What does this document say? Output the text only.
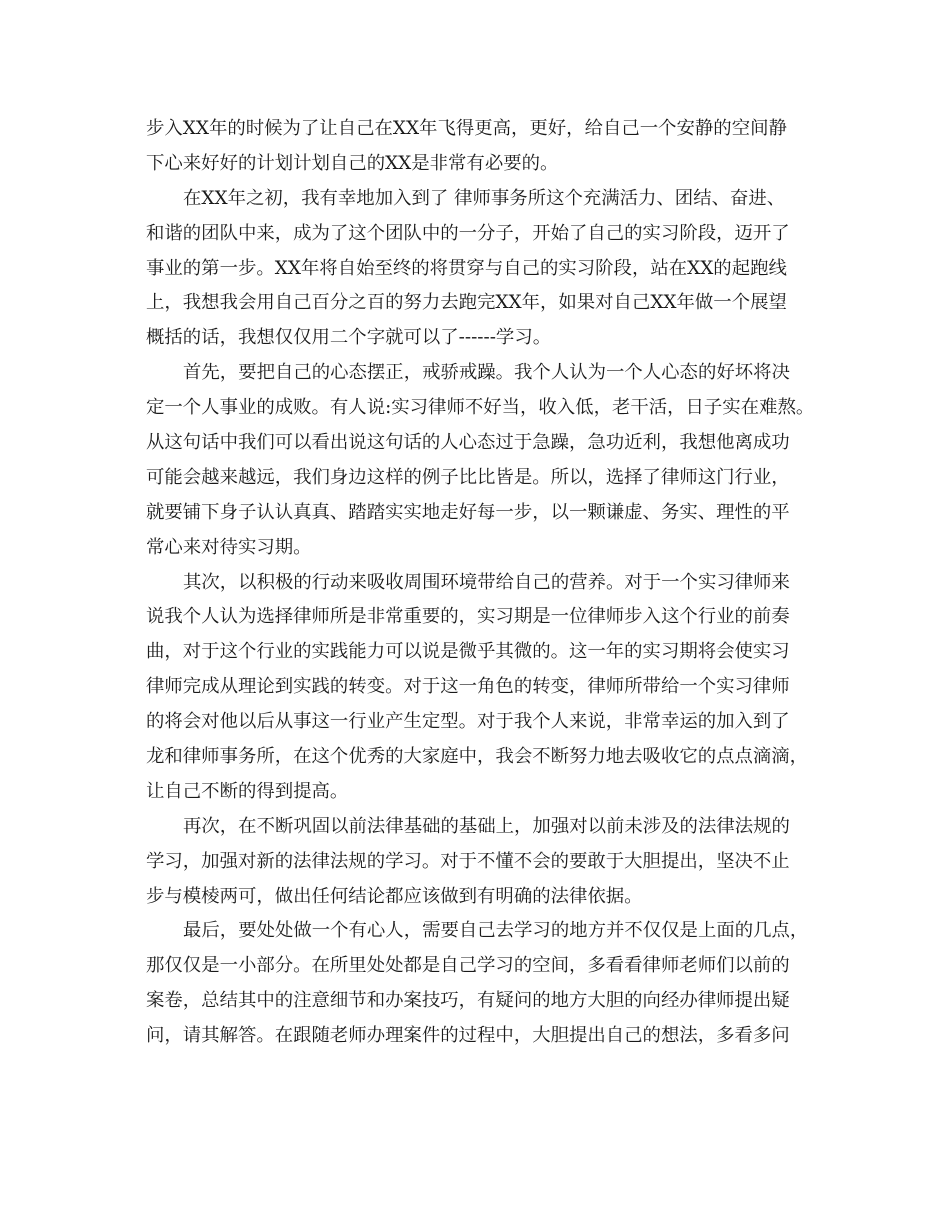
步入XX年的时候为了让自己在XX年飞得更高，更好，给自己一个安静的空间静
下心来好好的计划计划自己的XX是非常有必要的。
在XX年之初，我有幸地加入到了 律师事务所这个充满活力、团结、奋进、
和谐的团队中来，成为了这个团队中的一分子，开始了自己的实习阶段，迈开了
事业的第一步。XX年将自始至终的将贯穿与自己的实习阶段，站在XX的起跑线
上，我想我会用自己百分之百的努力去跑完XX年，如果对自己XX年做一个展望
概括的话，我想仅仅用二个字就可以了------学习。
首先，要把自己的心态摆正，戒骄戒躁。我个人认为一个人心态的好坏将决
定一个人事业的成败。有人说:实习律师不好当，收入低，老干活，日子实在难熬。
从这句话中我们可以看出说这句话的人心态过于急躁，急功近利，我想他离成功
可能会越来越远，我们身边这样的例子比比皆是。所以，选择了律师这门行业，
就要铺下身子认认真真、踏踏实实地走好每一步，以一颗谦虚、务实、理性的平
常心来对待实习期。
其次，以积极的行动来吸收周围环境带给自己的营养。对于一个实习律师来
说我个人认为选择律师所是非常重要的，实习期是一位律师步入这个行业的前奏
曲，对于这个行业的实践能力可以说是微乎其微的。这一年的实习期将会使实习
律师完成从理论到实践的转变。对于这一角色的转变，律师所带给一个实习律师
的将会对他以后从事这一行业产生定型。对于我个人来说，非常幸运的加入到了
龙和律师事务所，在这个优秀的大家庭中，我会不断努力地去吸收它的点点滴滴，
让自己不断的得到提高。
再次，在不断巩固以前法律基础的基础上，加强对以前未涉及的法律法规的
学习，加强对新的法律法规的学习。对于不懂不会的要敢于大胆提出，坚决不止
步与模棱两可，做出任何结论都应该做到有明确的法律依据。
最后，要处处做一个有心人，需要自己去学习的地方并不仅仅是上面的几点，
那仅仅是一小部分。在所里处处都是自己学习的空间，多看看律师老师们以前的
案卷，总结其中的注意细节和办案技巧，有疑问的地方大胆的向经办律师提出疑
问，请其解答。在跟随老师办理案件的过程中，大胆提出自己的想法，多看多问
